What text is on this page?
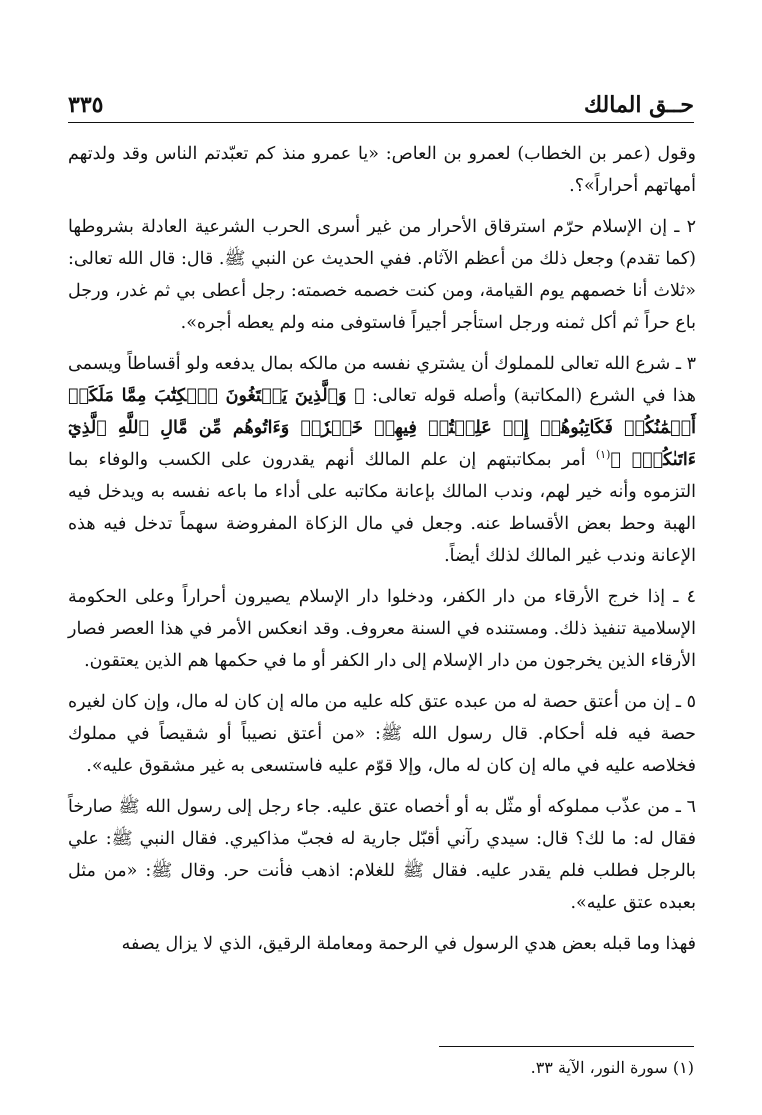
حــق المالك
٣٣٥

وقول (عمر بن الخطاب) لعمرو بن العاص: «يا عمرو منذ كم تعبّدتم الناس وقد ولدتهم أمهاتهم أحراراً»؟.

٢ ـ إن الإسلام حرّم استرقاق الأحرار من غير أسرى الحرب الشرعية العادلة بشروطها (كما تقدم) وجعل ذلك من أعظم الآثام. ففي الحديث عن النبي ﷺ. قال: قال الله تعالى: «ثلاث أنا خصمهم يوم القيامة، ومن كنت خصمه خصمته: رجل أعطى بي ثم غدر، ورجل باع حراً ثم أكل ثمنه ورجل استأجر أجيراً فاستوفى منه ولم يعطه أجره».

٣ ـ شرع الله تعالى للمملوك أن يشتري نفسه من مالكه بمال يدفعه ولو أقساطاً ويسمى هذا في الشرع (المكاتبة) وأصله قوله تعالى: ﴿ وَٱلَّذِينَ يَبۡتَغُونَ ٱلۡكِتَٰبَ مِمَّا مَلَكَتۡ أَيۡمَٰنُكُمۡ فَكَاتِبُوهُمۡ إِنۡ عَلِمۡتُمۡ فِيهِمۡ خَيۡرٗاۖ وَءَاتُوهُم مِّن مَّالِ ٱللَّهِ ٱلَّذِيٓ ءَاتَىٰكُمۡۚ ﴾$^{(١)}$ أمر بمكاتبتهم إن علم المالك أنهم يقدرون على الكسب والوفاء بما التزموه وأنه خير لهم، وندب المالك بإعانة مكاتبه على أداء ما باعه نفسه به ويدخل فيه الهبة وحط بعض الأقساط عنه. وجعل في مال الزكاة المفروضة سهماً تدخل فيه هذه الإعانة وندب غير المالك لذلك أيضاً.

٤ ـ إذا خرج الأرقاء من دار الكفر، ودخلوا دار الإسلام يصيرون أحراراً وعلى الحكومة الإسلامية تنفيذ ذلك. ومستنده في السنة معروف. وقد انعكس الأمر في هذا العصر فصار الأرقاء الذين يخرجون من دار الإسلام إلى دار الكفر أو ما في حكمها هم الذين يعتقون.

٥ ـ إن من أعتق حصة له من عبده عتق كله عليه من ماله إن كان له مال، وإن كان لغيره حصة فيه فله أحكام. قال رسول الله ﷺ: «من أعتق نصيباً أو شقيصاً في مملوك فخلاصه عليه في ماله إن كان له مال، وإلا قوّم عليه فاستسعى به غير مشقوق عليه».

٦ ـ من عذّب مملوكه أو مثّل به أو أخصاه عتق عليه. جاء رجل إلى رسول الله ﷺ صارخاً فقال له: ما لك؟ قال: سيدي رآني أقبّل جارية له فجبّ مذاكيري. فقال النبي ﷺ: علي بالرجل فطلب فلم يقدر عليه. فقال ﷺ للغلام: اذهب فأنت حر. وقال ﷺ: «من مثل بعبده عتق عليه».

فهذا وما قبله بعض هدي الرسول في الرحمة ومعاملة الرقيق، الذي لا يزال يصفه

(١) سورة النور، الآية ٣٣.
